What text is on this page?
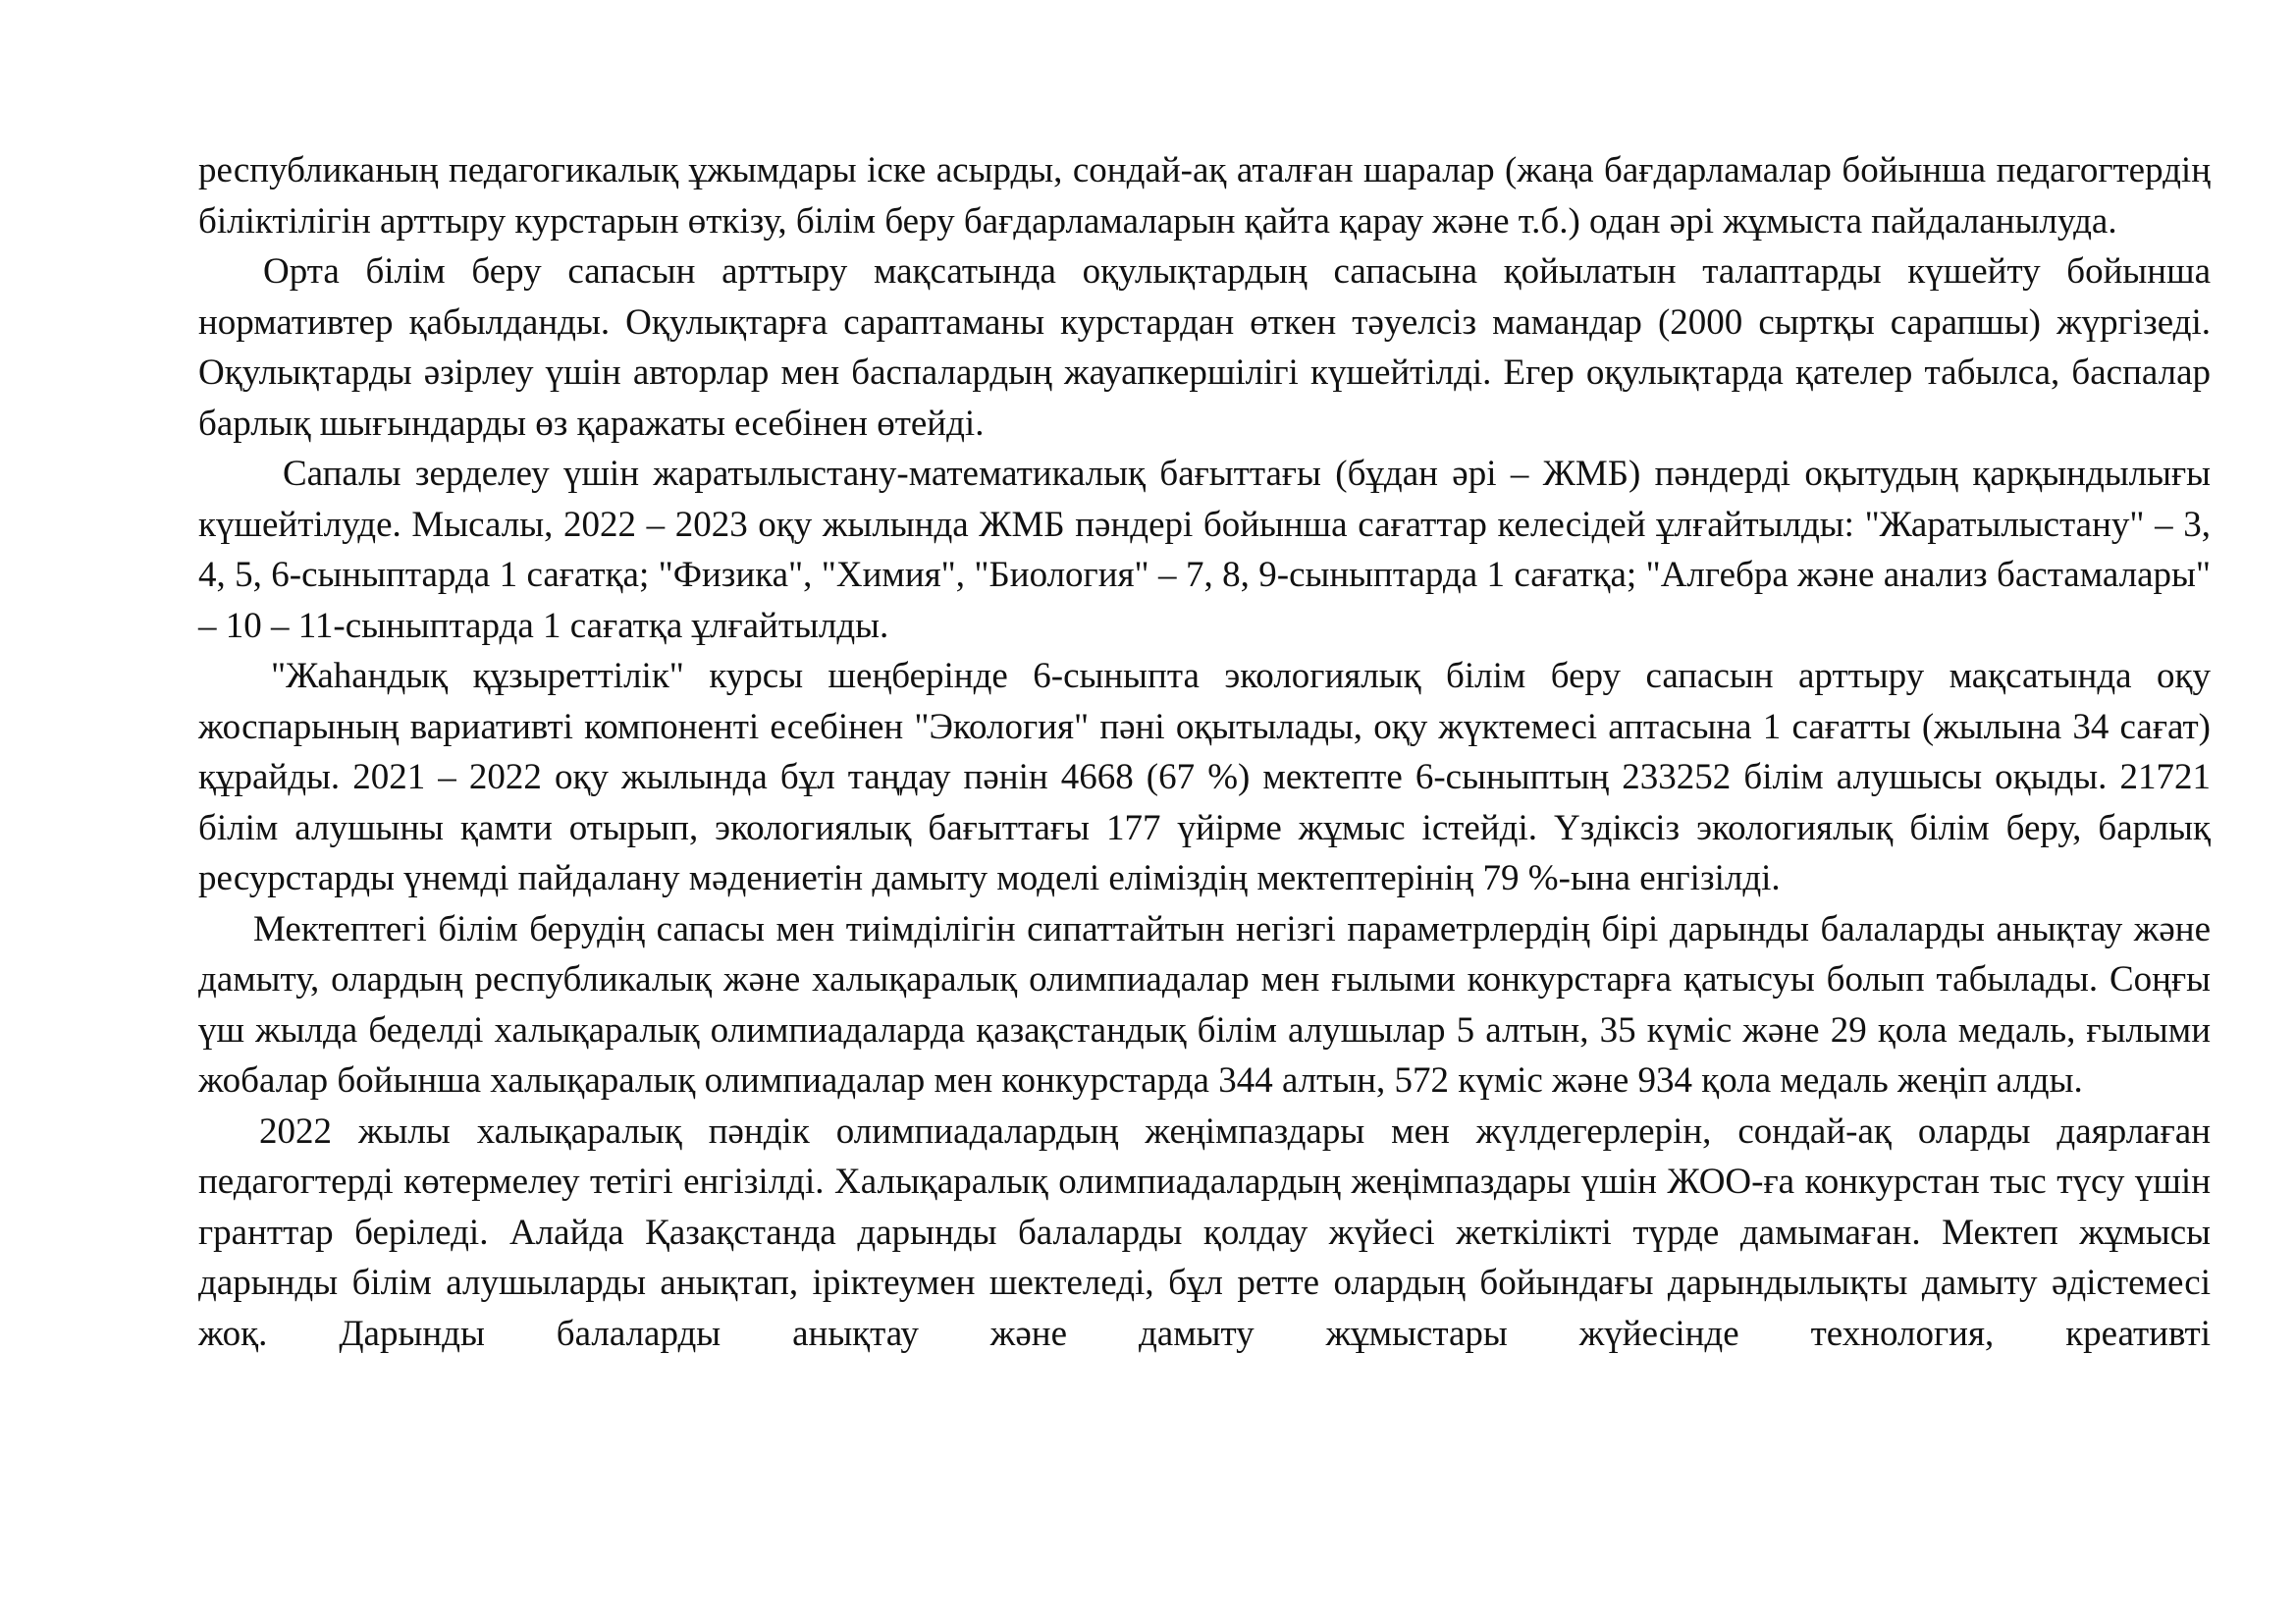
республиканың педагогикалық ұжымдары іске асырды, сондай-ақ аталған шаралар (жаңа бағдарламалар бойынша педагогтердің біліктілігін арттыру курстарын өткізу, білім беру бағдарламаларын қайта қарау және т.б.) одан әрі жұмыста пайдаланылуда.

Орта білім беру сапасын арттыру мақсатында оқулықтардың сапасына қойылатын талаптарды күшейту бойынша нормативтер қабылданды. Оқулықтарға сараптаманы курстардан өткен тәуелсіз мамандар (2000 сыртқы сарапшы) жүргізеді. Оқулықтарды әзірлеу үшін авторлар мен баспалардың жауапкершілігі күшейтілді. Егер оқулықтарда қателер табылса, баспалар барлық шығындарды өз қаражаты есебінен өтейді.

Сапалы зерделеу үшін жаратылыстану-математикалық бағыттағы (бұдан әрі – ЖМБ) пәндерді оқытудың қарқындылығы күшейтілуде. Мысалы, 2022 – 2023 оқу жылында ЖМБ пәндері бойынша сағаттар келесідей ұлғайтылды: "Жаратылыстану" – 3, 4, 5, 6-сыныптарда 1 сағатқа; "Физика", "Химия", "Биология" – 7, 8, 9-сыныптарда 1 сағатқа; "Алгебра және анализ бастамалары" – 10 – 11-сыныптарда 1 сағатқа ұлғайтылды.

"Жаһандық құзыреттілік" курсы шеңберінде 6-сыныпта экологиялық білім беру сапасын арттыру мақсатында оқу жоспарының вариативті компоненті есебінен "Экология" пәні оқытылады, оқу жүктемесі аптасына 1 сағатты (жылына 34 сағат) құрайды. 2021 – 2022 оқу жылында бұл таңдау пәнін 4668 (67 %) мектепте 6-сыныптың 233252 білім алушысы оқыды. 21721 білім алушыны қамти отырып, экологиялық бағыттағы 177 үйірме жұмыс істейді. Үздіксіз экологиялық білім беру, барлық ресурстарды үнемді пайдалану мәдениетін дамыту моделі еліміздің мектептерінің 79 %-ына енгізілді.

Мектептегі білім берудің сапасы мен тиімділігін сипаттайтын негізгі параметрлердің бірі дарынды балаларды анықтау және дамыту, олардың республикалық және халықаралық олимпиадалар мен ғылыми конкурстарға қатысуы болып табылады. Соңғы үш жылда беделді халықаралық олимпиадаларда қазақстандық білім алушылар 5 алтын, 35 күміс және 29 қола медаль, ғылыми жобалар бойынша халықаралық олимпиадалар мен конкурстарда 344 алтын, 572 күміс және 934 қола медаль жеңіп алды.

2022 жылы халықаралық пәндік олимпиадалардың жеңімпаздары мен жүлдегерлерін, сондай-ақ оларды даярлаған педагогтерді көтермелеу тетігі енгізілді. Халықаралық олимпиадалардың жеңімпаздары үшін ЖОО-ға конкурстан тыс түсу үшін гранттар беріледі. Алайда Қазақстанда дарынды балаларды қолдау жүйесі жеткілікті түрде дамымаған. Мектеп жұмысы дарынды білім алушыларды анықтап, іріктеумен шектеледі, бұл ретте олардың бойындағы дарындылықты дамыту әдістемесі жоқ. Дарынды балаларды анықтау және дамыту жұмыстары жүйесінде технология, креативті
